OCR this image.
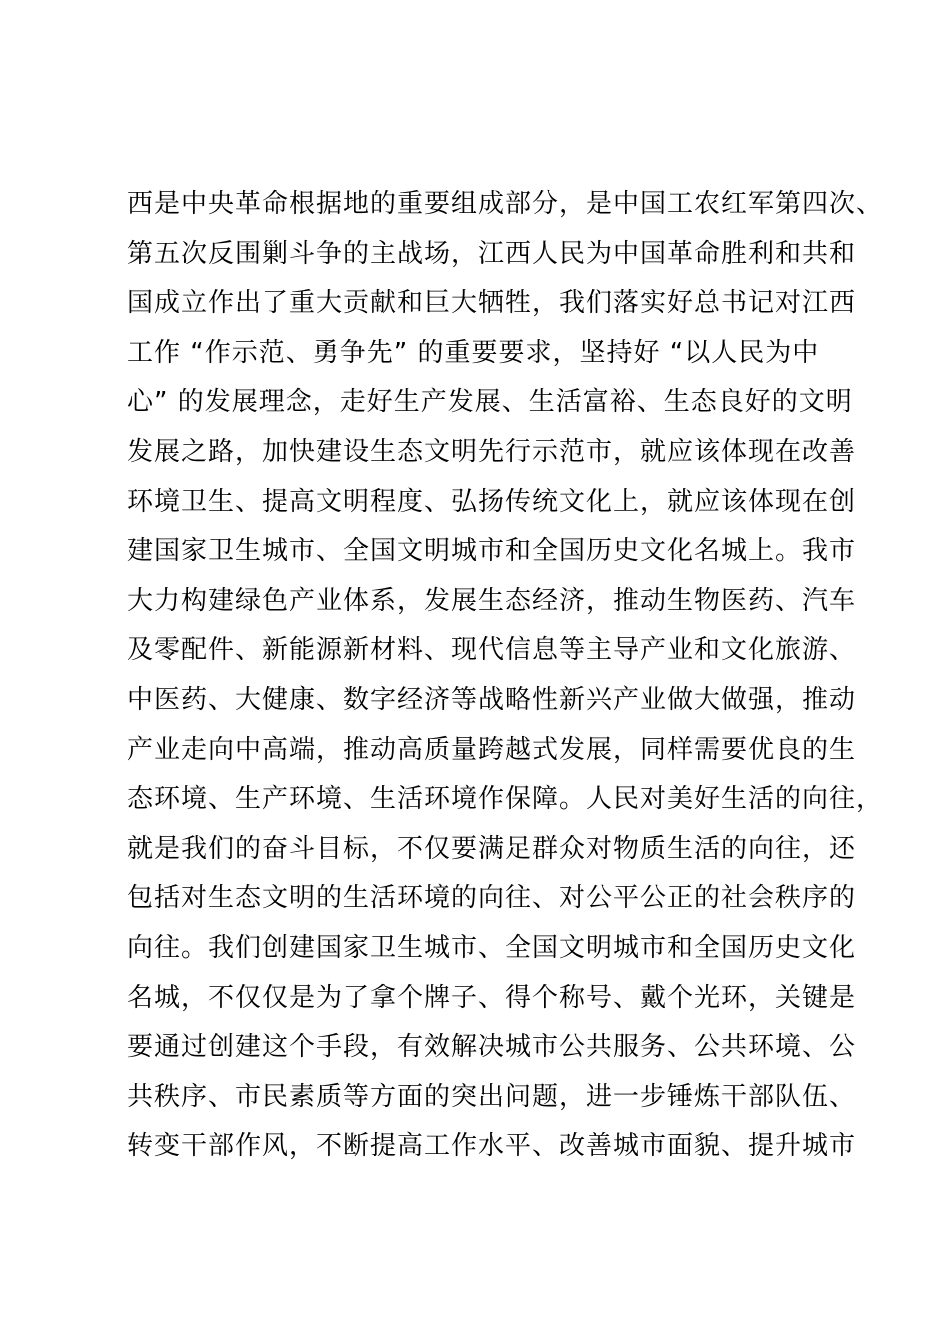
西是中央革命根据地的重要组成部分，是中国工农红军第四次、
第五次反围剿斗争的主战场，江西人民为中国革命胜利和共和
国成立作出了重大贡献和巨大牺牲，我们落实好总书记对江西
工作 “作示范、勇争先” 的重要要求，坚持好 “以人民为中
心” 的发展理念，走好生产发展、生活富裕、生态良好的文明
发展之路，加快建设生态文明先行示范市，就应该体现在改善
环境卫生、提高文明程度、弘扬传统文化上，就应该体现在创
建国家卫生城市、全国文明城市和全国历史文化名城上。我市
大力构建绿色产业体系，发展生态经济，推动生物医药、汽车
及零配件、新能源新材料、现代信息等主导产业和文化旅游、
中医药、大健康、数字经济等战略性新兴产业做大做强，推动
产业走向中高端，推动高质量跨越式发展，同样需要优良的生
态环境、生产环境、生活环境作保障。人民对美好生活的向往，
就是我们的奋斗目标，不仅要满足群众对物质生活的向往，还
包括对生态文明的生活环境的向往、对公平公正的社会秩序的
向往。我们创建国家卫生城市、全国文明城市和全国历史文化
名城，不仅仅是为了拿个牌子、得个称号、戴个光环，关键是
要通过创建这个手段，有效解决城市公共服务、公共环境、公
共秩序、市民素质等方面的突出问题，进一步锤炼干部队伍、
转变干部作风，不断提高工作水平、改善城市面貌、提升城市
